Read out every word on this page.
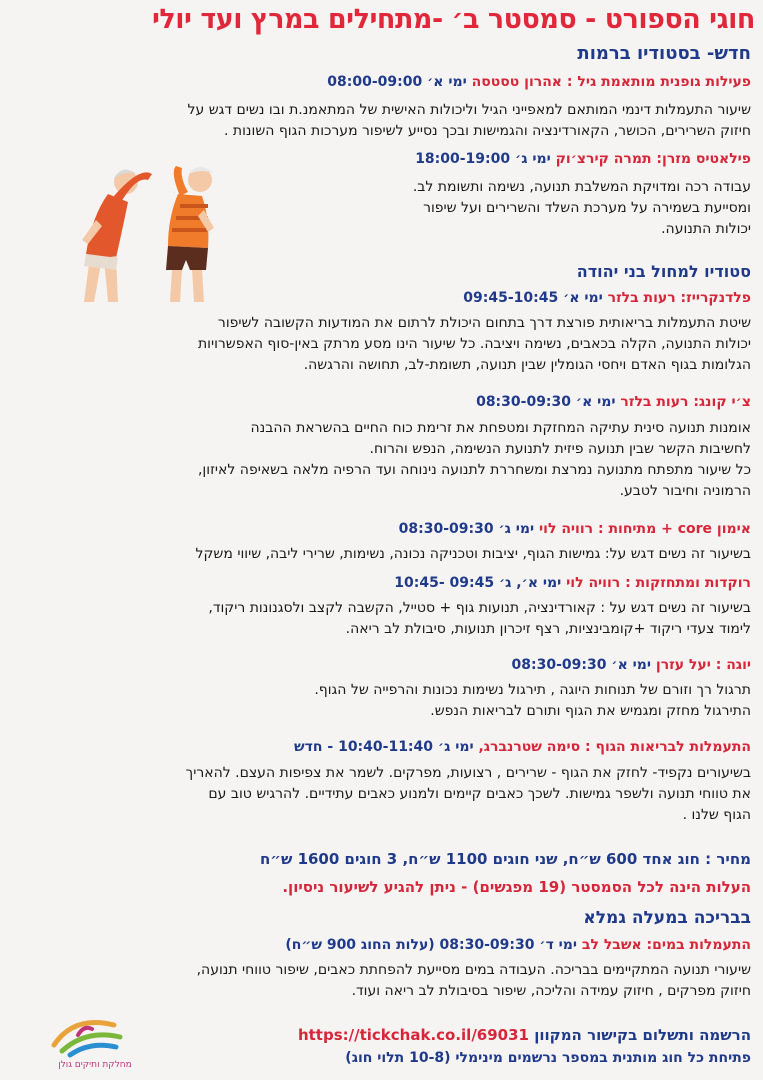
חוגי הספורט - סמסטר ב׳ -מתחילים במרץ ועד יולי
חדש- בסטודיו ברמות
פעילות גופנית מותאמת גיל : אהרון טסטסה ימי א׳ 08:00-09:00
שיעור התעמלות דינמי המותאם למאפייני הגיל וליכולות האישית של המתאמנ.ת ובו נשים דגש על
חיזוק השרירים, הכושר, הקאורדינציה והגמישות ובכך נסייע לשיפור מערכות הגוף השונות .
פילאטיס מזרן: תמרה קירצ׳וק ימי ג׳ 18:00-19:00
עבודה רכה ומדויקת המשלבת תנועה, נשימה ותשומת לב.
ומסייעת בשמירה על מערכת השלד והשרירים ועל שיפור
יכולות התנועה.
סטודיו למחול בני יהודה
פלדנקרייז: רעות בלזר ימי א׳ 09:45-10:45
שיטת התעמלות בריאותית פורצת דרך בתחום היכולת לרתום את המודעות הקשובה לשיפור
יכולות התנועה, הקלה בכאבים, נשימה ויציבה. כל שיעור הינו מסע מרתק באין-סוף האפשרויות
הגלומות בגוף האדם ויחסי הגומלין שבין תנועה, תשומת-לב, תחושה והרגשה.
צ׳י קונג: רעות בלזר ימי א׳ 08:30-09:30
אומנות תנועה סינית עתיקה המחזקת ומטפחת את זרימת כוח החיים בהשראת ההבנה
לחשיבות הקשר שבין תנועה פיזית לתנועת הנשימה, הנפש והרוח.
כל שיעור מתפתח מתנועה נמרצת ומשחררת לתנועה נינוחה ועד הרפיה מלאה בשאיפה לאיזון,
הרמוניה וחיבור לטבע.
אימון core + מתיחות : רוויה לוי ימי ג׳ 08:30-09:30
בשיעור זה נשים דגש על: גמישות הגוף, יציבות וטכניקה נכונה, נשימות, שרירי ליבה, שיווי משקל
רוקדות ומתחזקות : רוויה לוי ימי א׳, ג׳ 09:45 -10:45
בשיעור זה נשים דגש על : קאורדינציה, תנועות גוף + סטייל, הקשבה לקצב ולסגנונות ריקוד,
לימוד צעדי ריקוד +קומבינציות, רצף זיכרון תנועות, סיבולת לב ריאה.
יוגה : יעל עזרן ימי א׳ 08:30-09:30
תרגול רך וזורם של תנוחות היוגה , תירגול נשימות נכונות והרפייה של הגוף.
התירגול מחזק ומגמיש את הגוף ותורם לבריאות הנפש.
התעמלות לבריאות הגוף : סימה שטרנברג, ימי ג׳ 10:40-11:40 - חדש
בשיעורים נקפיד- לחזק את הגוף - שרירים , רצועות, מפרקים. לשמר את צפיפות העצם. להאריך
את טווחי תנועה ולשפר גמישות. לשכך כאבים קיימים ולמנוע כאבים עתידיים. להרגיש טוב עם
הגוף שלנו .
מחיר : חוג אחד 600 ש״ח, שני חוגים 1100 ש״ח, 3 חוגים 1600 ש״ח
העלות הינה לכל הסמסטר (19 מפגשים) - ניתן להגיע לשיעור ניסיון.
בבריכה במעלה גמלא
התעמלות במים: אשבל לב ימי ד׳ 08:30-09:30 (עלות החוג 900 ש״ח)
שיעורי תנועה המתקיימים בבריכה. העבודה במים מסייעת להפחתת כאבים, שיפור טווחי תנועה,
חיזוק מפרקים , חיזוק עמידה והליכה, שיפור בסיבולת לב ריאה ועוד.
הרשמה ותשלום בקישור המקוון https://tickchak.co.il/69031
פתיחת כל חוג מותנית במספר נרשמים מינימלי (10-8 תלוי חוג)
מחלקת ותיקים גולן
